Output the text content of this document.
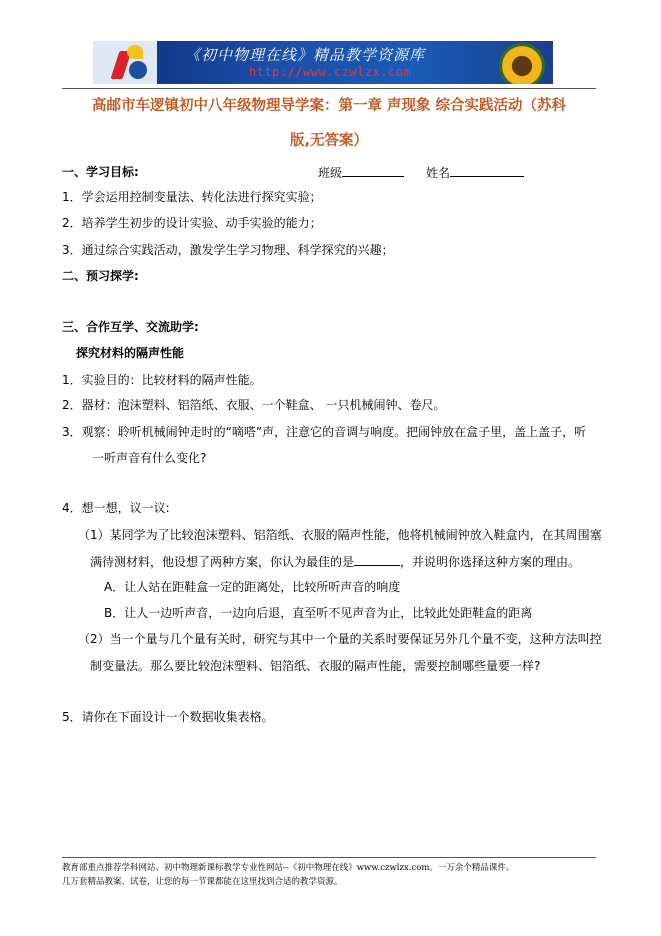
《初中物理在线》精品教学资源库
http://www.czwlzx.com
高邮市车逻镇初中八年级物理导学案：第一章 声现象 综合实践活动（苏科
版,无答案）
一、学习目标:	班级	姓名
1．学会运用控制变量法、转化法进行探究实验；
2．培养学生初步的设计实验、动手实验的能力；
3．通过综合实践活动，激发学生学习物理、科学探究的兴趣；
二、预习探学:
三、合作互学、交流助学:
探究材料的隔声性能
1．实验目的：比较材料的隔声性能。
2．器材：泡沫塑料、铝箔纸、衣服、一个鞋盒、 一只机械闹钟、卷尺。
3．观察：聆听机械闹钟走时的“嘀嗒”声，注意它的音调与响度。把闹钟放在盒子里，盖上盖子，听
一听声音有什么变化?
4．想一想，议一议:
（1）某同学为了比较泡沫塑料、铝箔纸、衣服的隔声性能，他将机械闹钟放入鞋盒内，在其周围塞
满待测材料，他设想了两种方案，你认为最佳的是	，并说明你选择这种方案的理由。
A．让人站在距鞋盒一定的距离处，比较所听声音的响度
B．让人一边听声音，一边向后退，直至听不见声音为止，比较此处距鞋盒的距离
（2）当一个量与几个量有关时，研究与其中一个量的关系时要保证另外几个量不变，这种方法叫控
制变量法。那么要比较泡沫塑料、铝箔纸、衣服的隔声性能，需要控制哪些量要一样?
5．请你在下面设计一个数据收集表格。
教育部重点推荐学科网站、初中物理新课标教学专业性网站--《初中物理在线》www.czwlzx.com。一万余个精品课件、
几万套精品教案、试卷，让您的每一节课都能在这里找到合适的教学资源。
